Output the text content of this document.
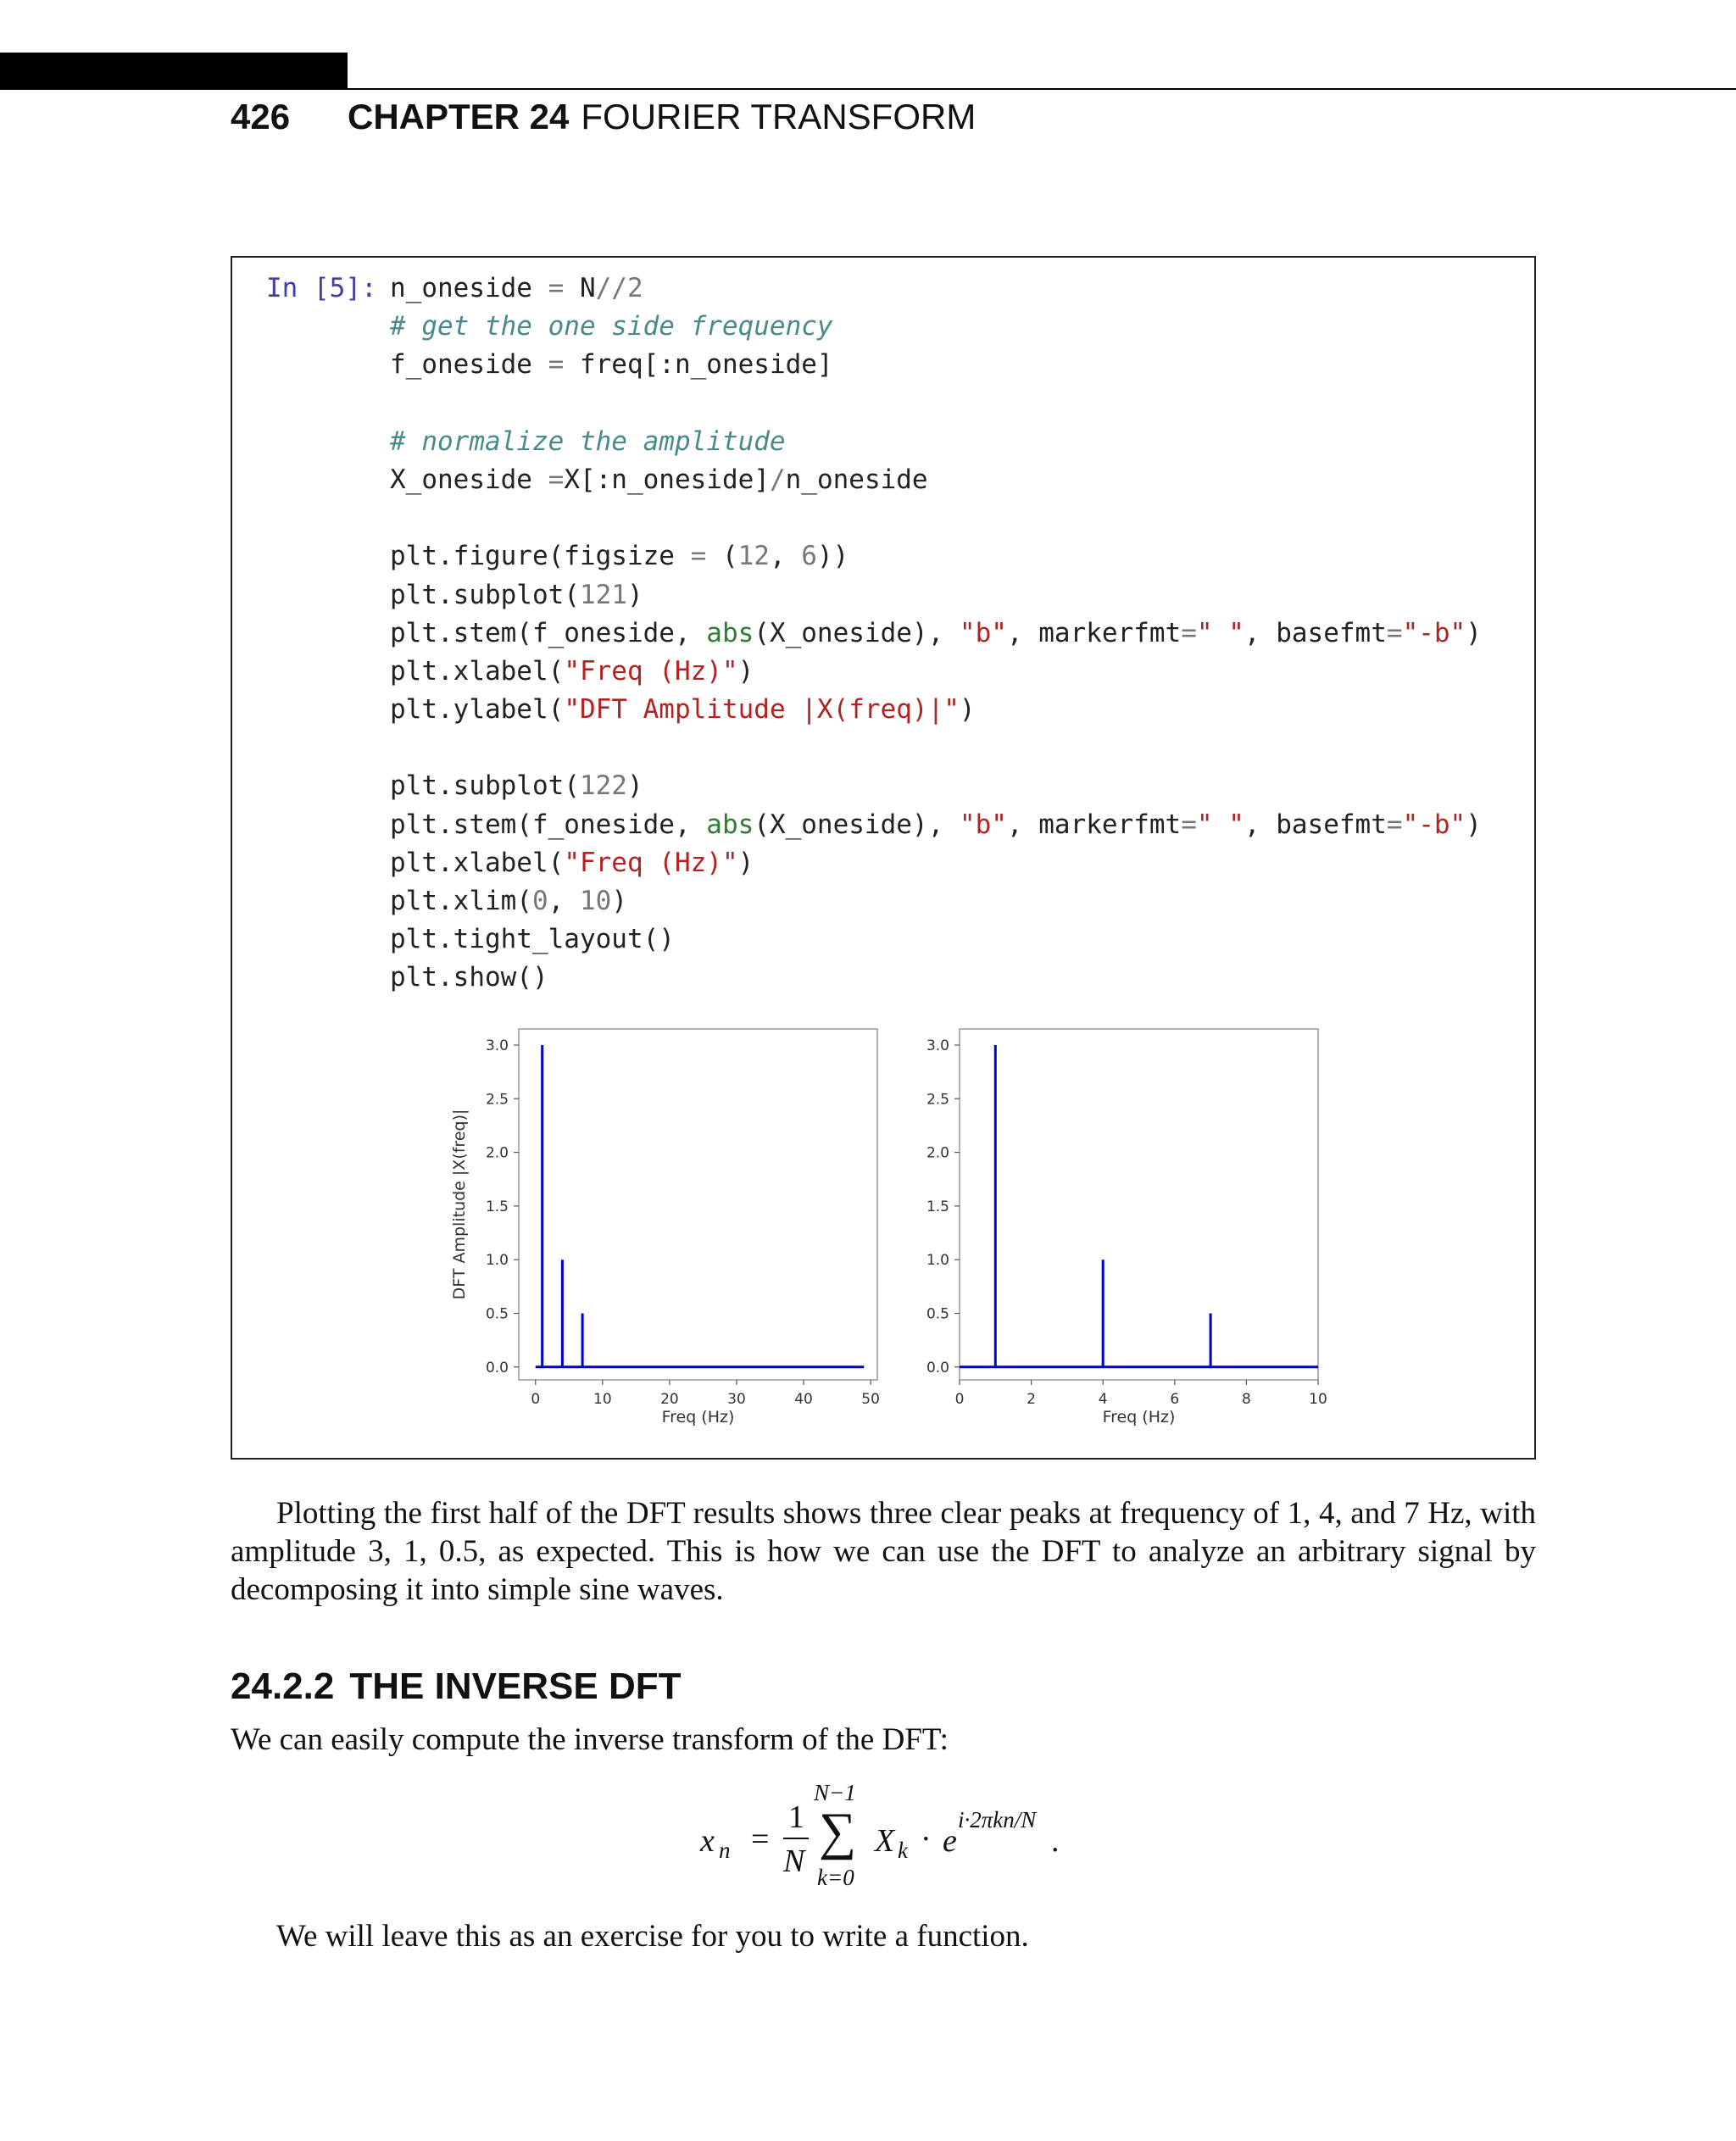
426 CHAPTER 24 FOURIER TRANSFORM
In [5]: n_oneside = N//2
# get the one side frequency
f_oneside = freq[:n_oneside]

# normalize the amplitude
X_oneside =X[:n_oneside]/n_oneside

plt.figure(figsize = (12, 6))
plt.subplot(121)
plt.stem(f_oneside, abs(X_oneside), "b", markerfmt=" ", basefmt="-b")
plt.xlabel("Freq (Hz)")
plt.ylabel("DFT Amplitude |X(freq)|")

plt.subplot(122)
plt.stem(f_oneside, abs(X_oneside), "b", markerfmt=" ", basefmt="-b")
plt.xlabel("Freq (Hz)")
plt.xlim(0, 10)
plt.tight_layout()
plt.show()
0.0
0.5
1.0
1.5
2.0
2.5
3.0
0	10	20	30	40	50
Freq (Hz)
DFT Amplitude |X(freq)|
0.0
0.5
1.0
1.5
2.0
2.5
3.0
0	2	4	6	8	10
Freq (Hz)

Plotting the first half of the DFT results shows three clear peaks at frequency of 1, 4, and 7 Hz, with amplitude 3, 1, 0.5, as expected. This is how we can use the DFT to analyze an arbitrary signal by decomposing it into simple sine waves.

24.2.2 THE INVERSE DFT

We can easily compute the inverse transform of the DFT:

x n =
1
N
∑
N−1
k=0
X k · e
i·2πkn/N
.

We will leave this as an exercise for you to write a function.
